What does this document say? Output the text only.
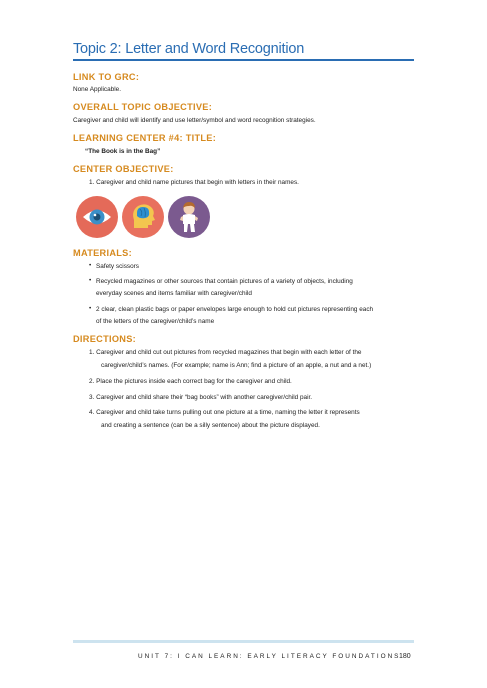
Topic 2: Letter and Word Recognition
LINK TO GRC:
None Applicable.
OVERALL TOPIC OBJECTIVE:
Caregiver and child will identify and use letter/symbol and word recognition strategies.
LEARNING CENTER #4: TITLE:
“The Book is in the Bag”
CENTER OBJECTIVE:
1. Caregiver and child name pictures that begin with letters in their names.
MATERIALS:
• Safety scissors
• Recycled magazines or other sources that contain pictures of a variety of objects, including
everyday scenes and items familiar with caregiver/child
• 2 clear, clean plastic bags or paper envelopes large enough to hold cut pictures representing each
of the letters of the caregiver/child’s name
DIRECTIONS:
1. Caregiver and child cut out pictures from recycled magazines that begin with each letter of the
caregiver/child’s names. (For example; name is Ann; find a picture of an apple, a nut and a net.)
2. Place the pictures inside each correct bag for the caregiver and child.
3. Caregiver and child share their “bag books” with another caregiver/child pair.
4. Caregiver and child take turns pulling out one picture at a time, naming the letter it represents
and creating a sentence (can be a silly sentence) about the picture displayed.
UNIT 7: I CAN LEARN: EARLY LITERACY FOUNDATIONS
180
